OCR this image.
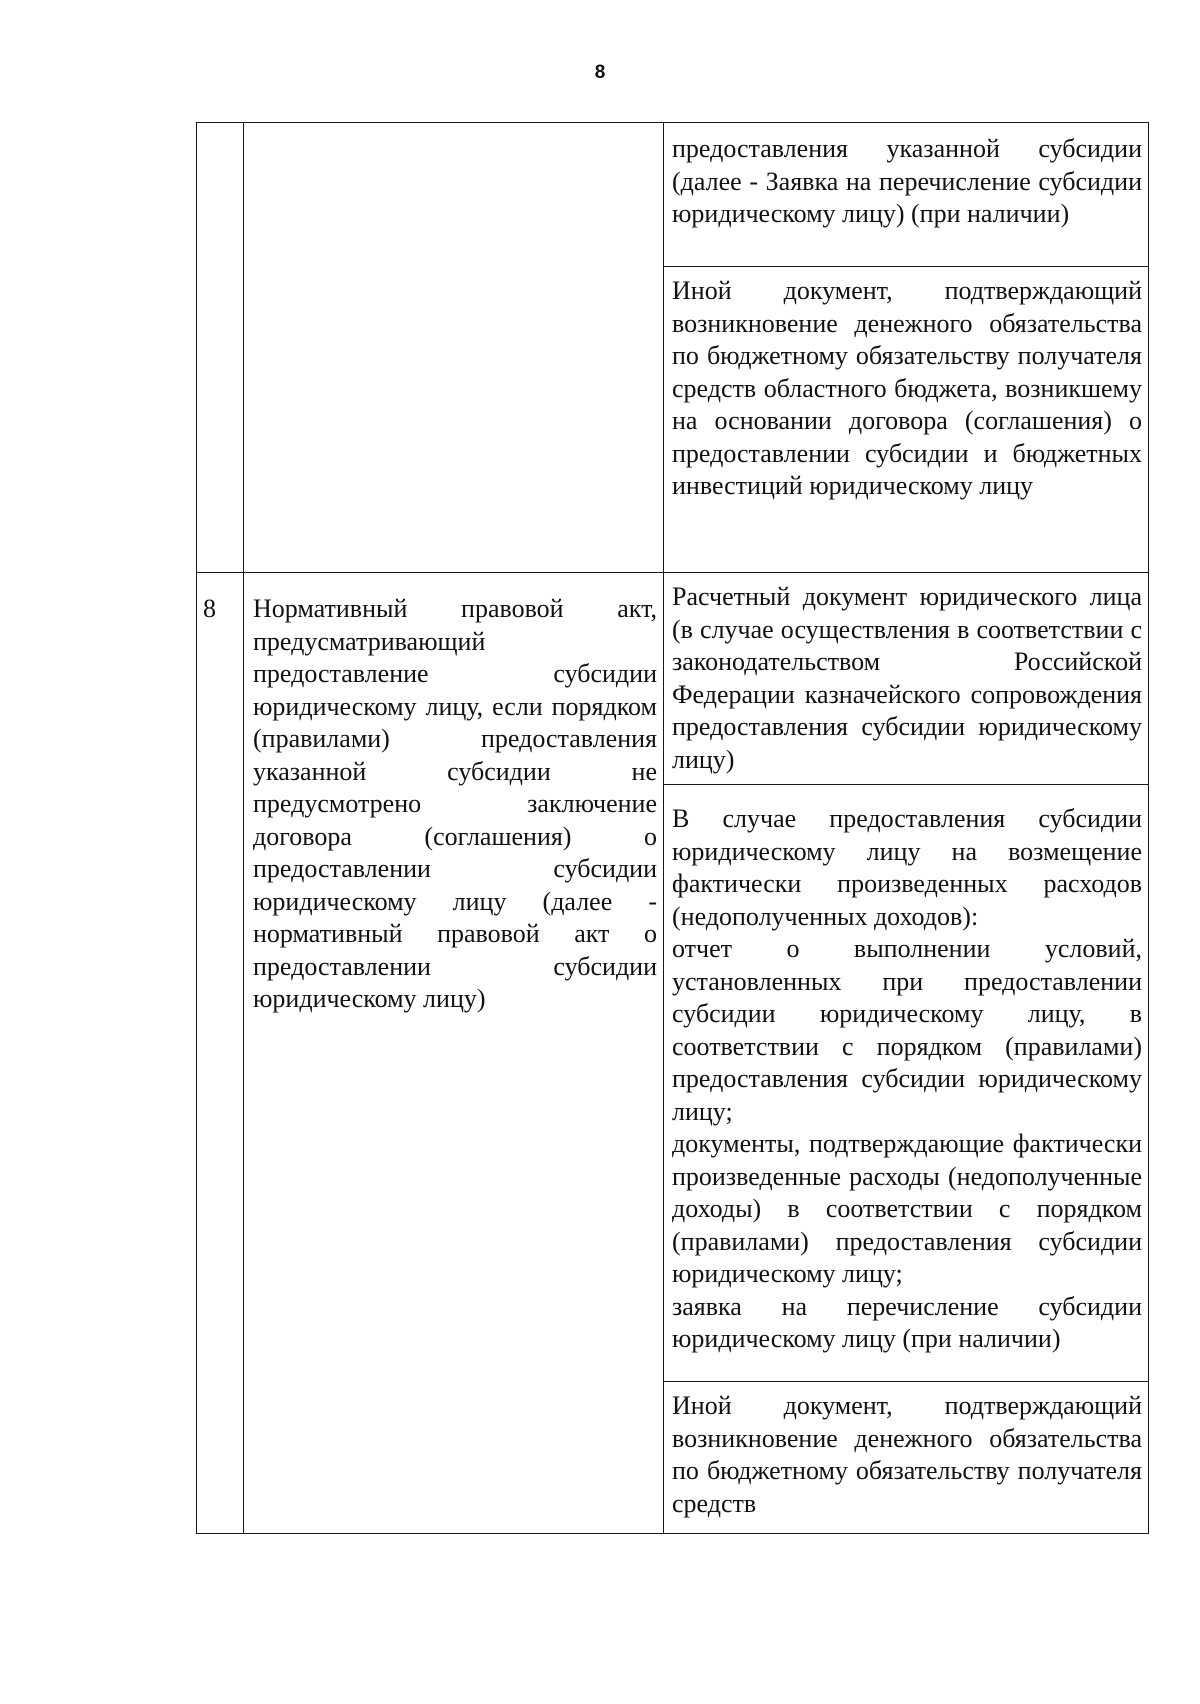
8

		предоставления указанной субсидии (далее - Заявка на перечисление субсидии юридическому лицу) (при наличии)

		Иной документ, подтверждающий возникновение денежного обязательства по бюджетному обязательству получателя средств областного бюджета, возникшему на основании договора (соглашения) о предоставлении субсидии и бюджетных инвестиций юридическому лицу

8	Нормативный правовой акт, предусматривающий предоставление субсидии юридическому лицу, если порядком (правилами) предоставления указанной субсидии не предусмотрено заключение договора (соглашения) о предоставлении субсидии юридическому лицу (далее - нормативный правовой акт о предоставлении субсидии юридическому лицу)	Расчетный документ юридического лица (в случае осуществления в соответствии с законодательством Российской Федерации казначейского сопровождения предоставления субсидии юридическому лицу)

		В случае предоставления субсидии юридическому лицу на возмещение фактически произведенных расходов (недополученных доходов):

отчет о выполнении условий, установленных при предоставлении субсидии юридическому лицу, в соответствии с порядком (правилами) предоставления субсидии юридическому лицу;

документы, подтверждающие фактически произведенные расходы (недополученные доходы) в соответствии с порядком (правилами) предоставления субсидии юридическому лицу;

заявка на перечисление субсидии юридическому лицу (при наличии)

		Иной документ, подтверждающий возникновение денежного обязательства по бюджетному обязательству получателя средств
